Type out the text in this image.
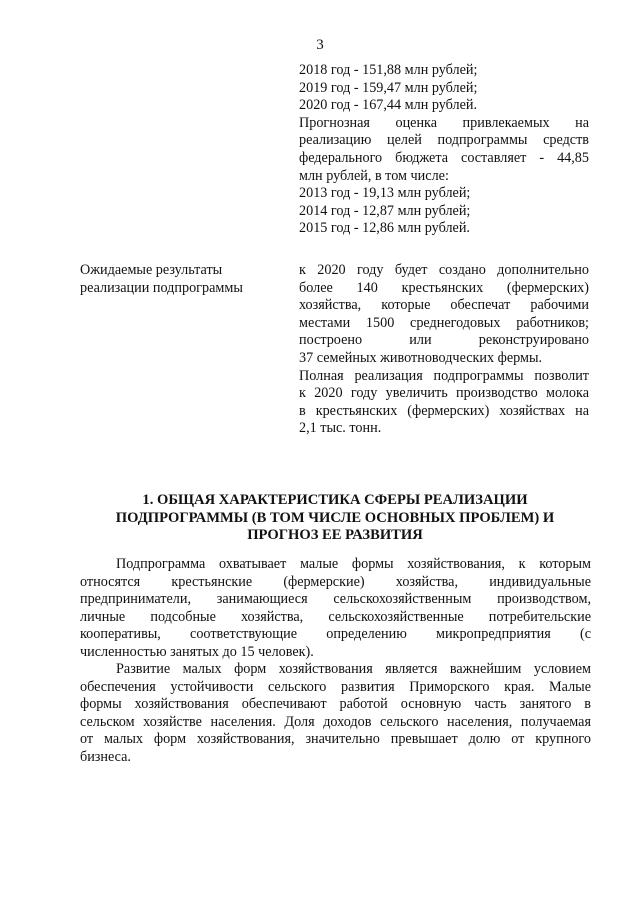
3
2018 год - 151,88 млн рублей;
2019 год - 159,47 млн рублей;
2020 год - 167,44 млн рублей.
Прогнозная оценка привлекаемых на
реализацию целей подпрограммы средств
федерального бюджета составляет - 44,85
млн рублей, в том числе:
2013 год - 19,13 млн рублей;
2014 год - 12,87 млн рублей;
2015 год - 12,86 млн рублей.
Ожидаемые результаты
реализации подпрограммы
к 2020 году будет создано дополнительно
более 140 крестьянских (фермерских)
хозяйства, которые обеспечат рабочими
местами 1500 среднегодовых работников;
построено или реконструировано
37 семейных животноводческих фермы.
Полная реализация подпрограммы позволит
к 2020 году увеличить производство молока
в крестьянских (фермерских) хозяйствах на
2,1 тыс. тонн.
1. ОБЩАЯ ХАРАКТЕРИСТИКА СФЕРЫ РЕАЛИЗАЦИИ
ПОДПРОГРАММЫ (В ТОМ ЧИСЛЕ ОСНОВНЫХ ПРОБЛЕМ) И
ПРОГНОЗ ЕЕ РАЗВИТИЯ
Подпрограмма охватывает малые формы хозяйствования, к которым
относятся крестьянские (фермерские) хозяйства, индивидуальные
предприниматели, занимающиеся сельскохозяйственным производством,
личные подсобные хозяйства, сельскохозяйственные потребительские
кооперативы, соответствующие определению микропредприятия (с
численностью занятых до 15 человек).
Развитие малых форм хозяйствования является важнейшим условием
обеспечения устойчивости сельского развития Приморского края. Малые
формы хозяйствования обеспечивают работой основную часть занятого в
сельском хозяйстве населения. Доля доходов сельского населения, получаемая
от малых форм хозяйствования, значительно превышает долю от крупного
бизнеса.
